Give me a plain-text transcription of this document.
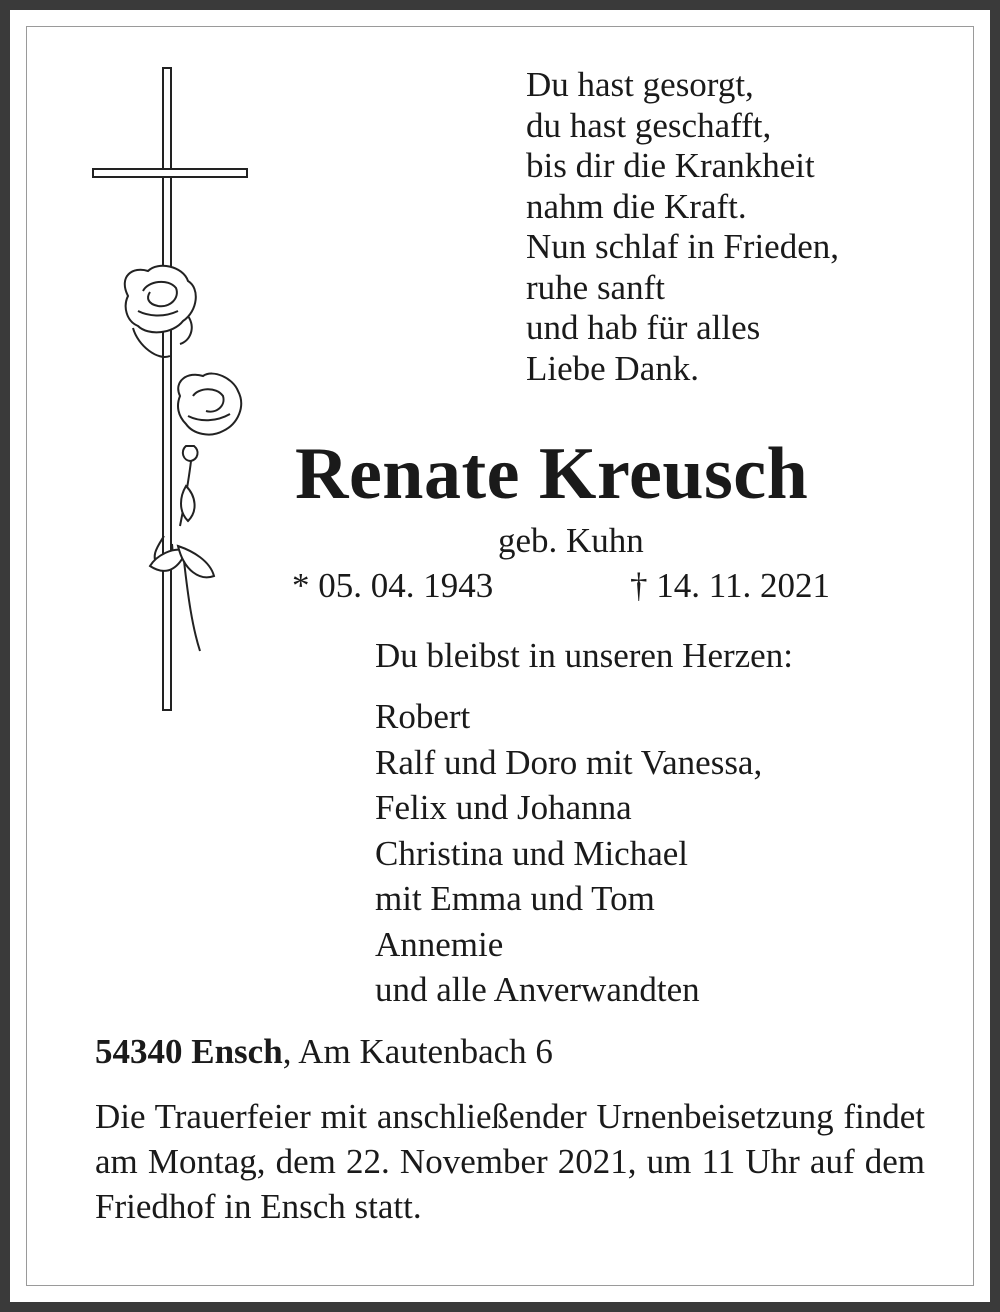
Du hast gesorgt,
du hast geschafft,
bis dir die Krankheit
nahm die Kraft.
Nun schlaf in Frieden,
ruhe sanft
und hab für alles
Liebe Dank.
Renate Kreusch
geb. Kuhn
* 05. 04. 1943	† 14. 11. 2021
Du bleibst in unseren Herzen:
Robert
Ralf und Doro mit Vanessa,
Felix und Johanna
Christina und Michael
mit Emma und Tom
Annemie
und alle Anverwandten
54340 Ensch, Am Kautenbach 6

Die Trauerfeier mit anschließender Urnenbeisetzung findet am Montag, dem 22. November 2021, um 11 Uhr auf dem Friedhof in Ensch statt.
